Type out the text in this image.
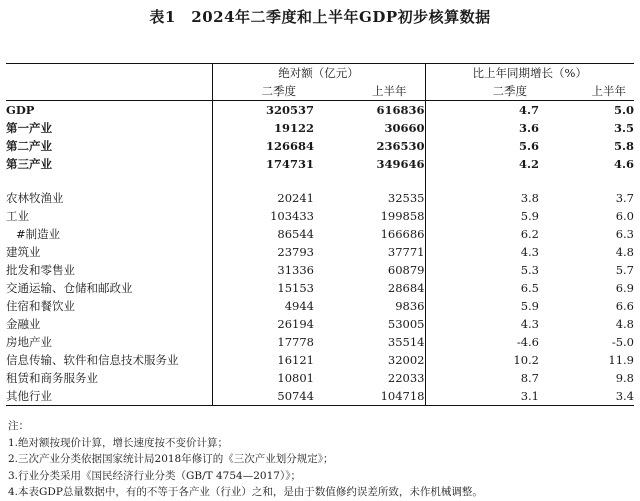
表1　2024年二季度和上半年GDP初步核算数据
	绝对额（亿元）		比上年同期增长（%）	
	二季度	上半年	二季度	上半年
GDP	320537	616836	4.7	5.0
第一产业	19122	30660	3.6	3.5
第二产业	126684	236530	5.6	5.8
第三产业	174731	349646	4.2	4.6

农林牧渔业	20241	32535	3.8	3.7
工业	103433	199858	5.9	6.0
#制造业	86544	166686	6.2	6.3
建筑业	23793	37771	4.3	4.8
批发和零售业	31336	60879	5.3	5.7
交通运输、仓储和邮政业	15153	28684	6.5	6.9
住宿和餐饮业	4944	9836	5.9	6.6
金融业	26194	53005	4.3	4.8
房地产业	17778	35514	-4.6	-5.0
信息传输、软件和信息技术服务业	16121	32002	10.2	11.9
租赁和商务服务业	10801	22033	8.7	9.8
其他行业	50744	104718	3.1	3.4
注：
1.绝对额按现价计算，增长速度按不变价计算；
2.三次产业分类依据国家统计局2018年修订的《三次产业划分规定》；
3.行业分类采用《国民经济行业分类（GB/T 4754—2017）》；
4.本表GDP总量数据中，有的不等于各产业（行业）之和，是由于数值修约误差所致，未作机械调整。
